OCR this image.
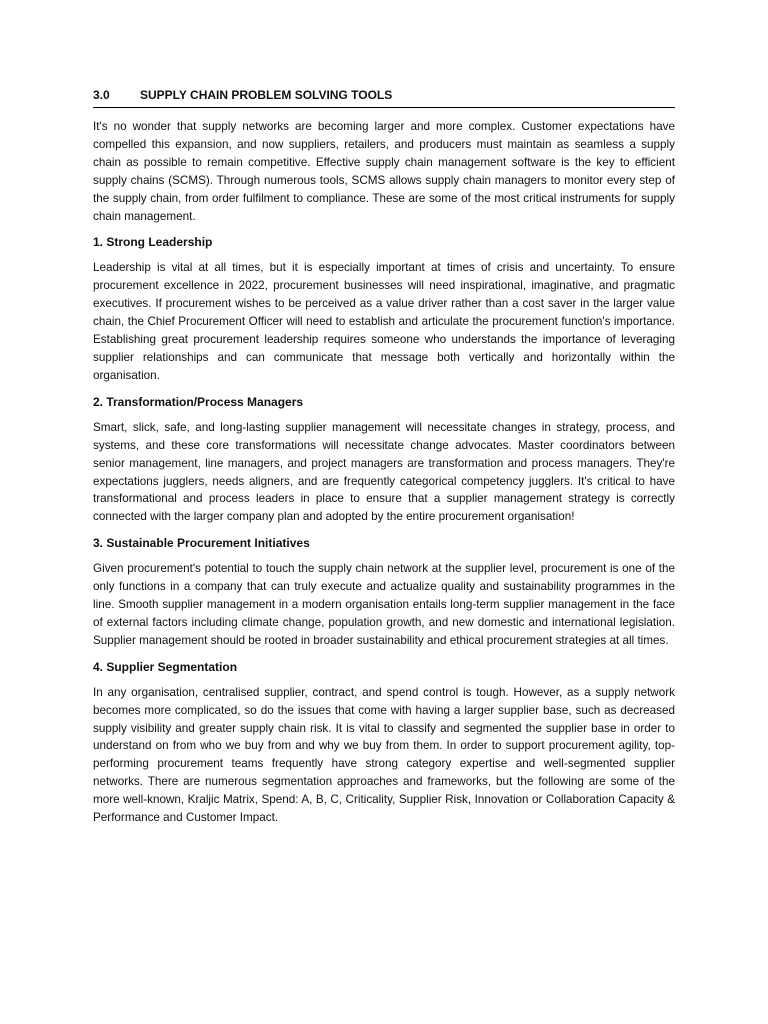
3.0	SUPPLY CHAIN PROBLEM SOLVING TOOLS

It's no wonder that supply networks are becoming larger and more complex. Customer expectations have compelled this expansion, and now suppliers, retailers, and producers must maintain as seamless a supply chain as possible to remain competitive. Effective supply chain management software is the key to efficient supply chains (SCMS). Through numerous tools, SCMS allows supply chain managers to monitor every step of the supply chain, from order fulfilment to compliance. These are some of the most critical instruments for supply chain management.

1. Strong Leadership

Leadership is vital at all times, but it is especially important at times of crisis and uncertainty. To ensure procurement excellence in 2022, procurement businesses will need inspirational, imaginative, and pragmatic executives. If procurement wishes to be perceived as a value driver rather than a cost saver in the larger value chain, the Chief Procurement Officer will need to establish and articulate the procurement function's importance. Establishing great procurement leadership requires someone who understands the importance of leveraging supplier relationships and can communicate that message both vertically and horizontally within the organisation.

2. Transformation/Process Managers

Smart, slick, safe, and long-lasting supplier management will necessitate changes in strategy, process, and systems, and these core transformations will necessitate change advocates. Master coordinators between senior management, line managers, and project managers are transformation and process managers. They're expectations jugglers, needs aligners, and are frequently categorical competency jugglers. It's critical to have transformational and process leaders in place to ensure that a supplier management strategy is correctly connected with the larger company plan and adopted by the entire procurement organisation!

3. Sustainable Procurement Initiatives

Given procurement's potential to touch the supply chain network at the supplier level, procurement is one of the only functions in a company that can truly execute and actualize quality and sustainability programmes in the line. Smooth supplier management in a modern organisation entails long-term supplier management in the face of external factors including climate change, population growth, and new domestic and international legislation. Supplier management should be rooted in broader sustainability and ethical procurement strategies at all times.

4. Supplier Segmentation

In any organisation, centralised supplier, contract, and spend control is tough. However, as a supply network becomes more complicated, so do the issues that come with having a larger supplier base, such as decreased supply visibility and greater supply chain risk. It is vital to classify and segmented the supplier base in order to understand on from who we buy from and why we buy from them. In order to support procurement agility, top-performing procurement teams frequently have strong category expertise and well-segmented supplier networks. There are numerous segmentation approaches and frameworks, but the following are some of the more well-known, Kraljic Matrix, Spend: A, B, C, Criticality, Supplier Risk, Innovation or Collaboration Capacity & Performance and Customer Impact.
